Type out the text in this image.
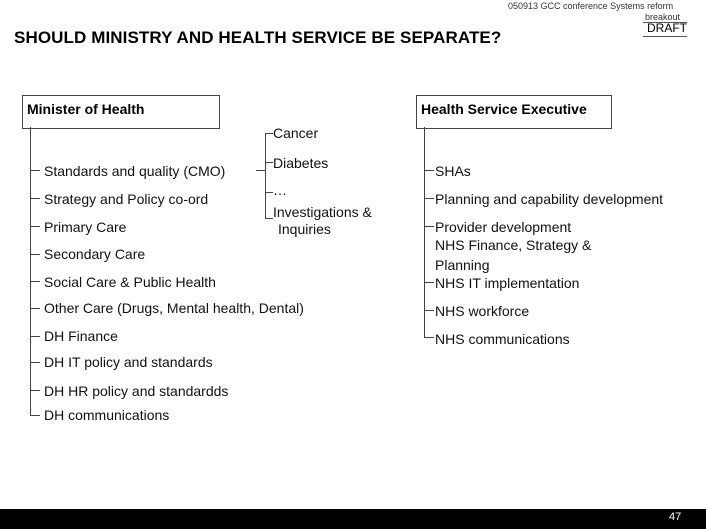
050913 GCC conference Systems reform
breakout
DRAFT
SHOULD MINISTRY AND HEALTH SERVICE BE SEPARATE?
Minister of Health	Health Service Executive
Standards and quality (CMO)
Strategy and Policy co-ord
Primary Care
Secondary Care
Social Care & Public Health
Other Care (Drugs, Mental health, Dental)
DH Finance
DH IT policy and standards
DH HR policy and standardds
DH communications
Cancer
Diabetes
…
Investigations &
Inquiries
SHAs
Planning and capability development
Provider development
NHS Finance, Strategy &
Planning
NHS IT implementation
NHS workforce
NHS communications
47
